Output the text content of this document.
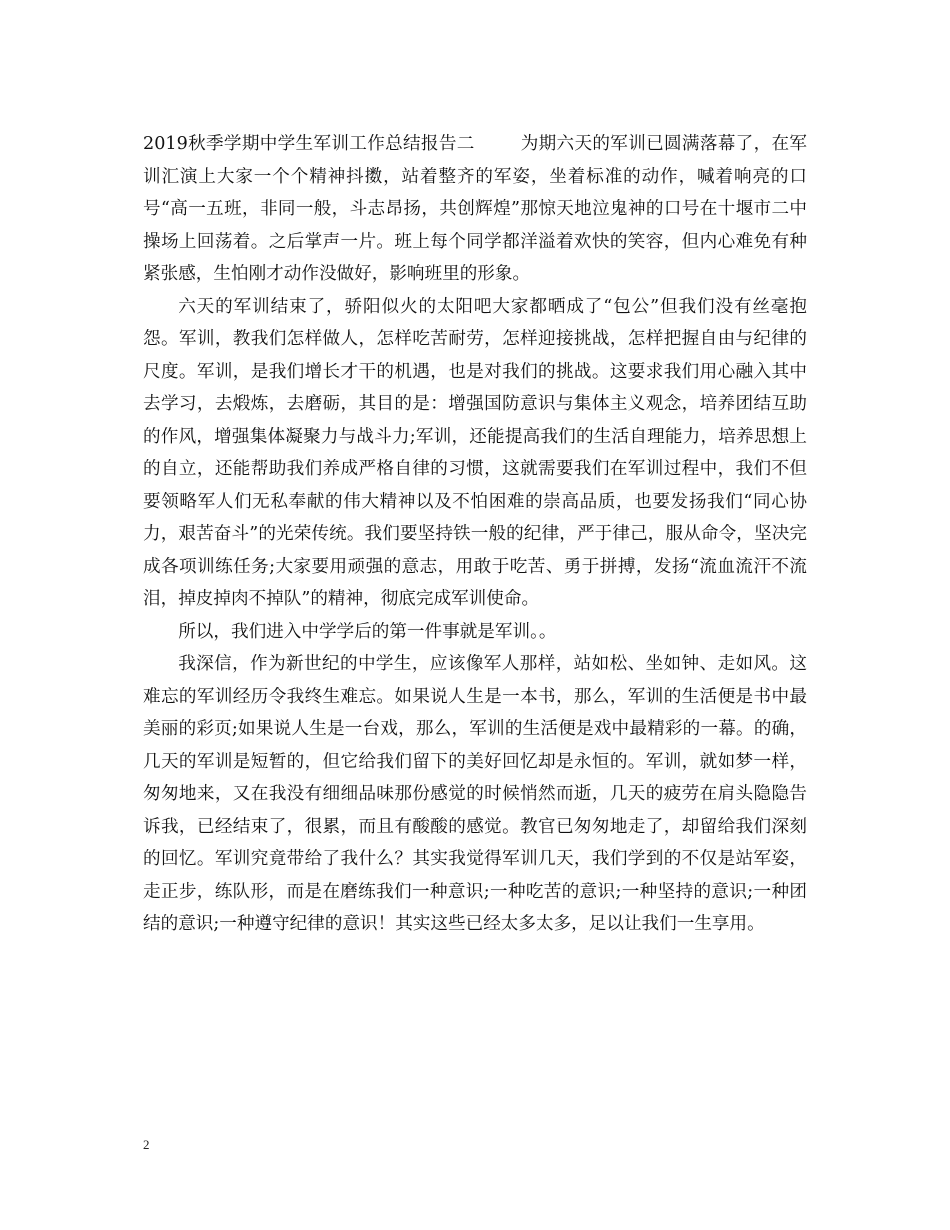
2019秋季学期中学生军训工作总结报告二	为期六天的军训已圆满落幕了，在军训汇演上大家一个个精神抖擞，站着整齐的军姿，坐着标准的动作，喊着响亮的口号“高一五班，非同一般，斗志昂扬，共创辉煌”那惊天地泣鬼神的口号在十堰市二中操场上回荡着。之后掌声一片。班上每个同学都洋溢着欢快的笑容，但内心难免有种紧张感，生怕刚才动作没做好，影响班里的形象。

六天的军训结束了，骄阳似火的太阳吧大家都晒成了“包公”但我们没有丝毫抱怨。军训，教我们怎样做人，怎样吃苦耐劳，怎样迎接挑战，怎样把握自由与纪律的尺度。军训，是我们增长才干的机遇，也是对我们的挑战。这要求我们用心融入其中去学习，去煅炼，去磨砺，其目的是：增强国防意识与集体主义观念，培养团结互助的作风，增强集体凝聚力与战斗力;军训，还能提高我们的生活自理能力，培养思想上的自立，还能帮助我们养成严格自律的习惯，这就需要我们在军训过程中，我们不但要领略军人们无私奉献的伟大精神以及不怕困难的崇高品质，也要发扬我们“同心协力，艰苦奋斗”的光荣传统。我们要坚持铁一般的纪律，严于律己，服从命令，坚决完成各项训练任务;大家要用顽强的意志，用敢于吃苦、勇于拼搏，发扬“流血流汗不流泪，掉皮掉肉不掉队”的精神，彻底完成军训使命。

所以，我们进入中学学后的第一件事就是军训。。

我深信，作为新世纪的中学生，应该像军人那样，站如松、坐如钟、走如风。这难忘的军训经历令我终生难忘。如果说人生是一本书，那么，军训的生活便是书中最美丽的彩页;如果说人生是一台戏，那么，军训的生活便是戏中最精彩的一幕。的确，几天的军训是短暂的，但它给我们留下的美好回忆却是永恒的。军训，就如梦一样，匆匆地来，又在我没有细细品味那份感觉的时候悄然而逝，几天的疲劳在肩头隐隐告诉我，已经结束了，很累，而且有酸酸的感觉。教官已匆匆地走了，却留给我们深刻的回忆。军训究竟带给了我什么？其实我觉得军训几天，我们学到的不仅是站军姿，走正步，练队形，而是在磨练我们一种意识;一种吃苦的意识;一种坚持的意识;一种团结的意识;一种遵守纪律的意识！其实这些已经太多太多，足以让我们一生享用。

2
